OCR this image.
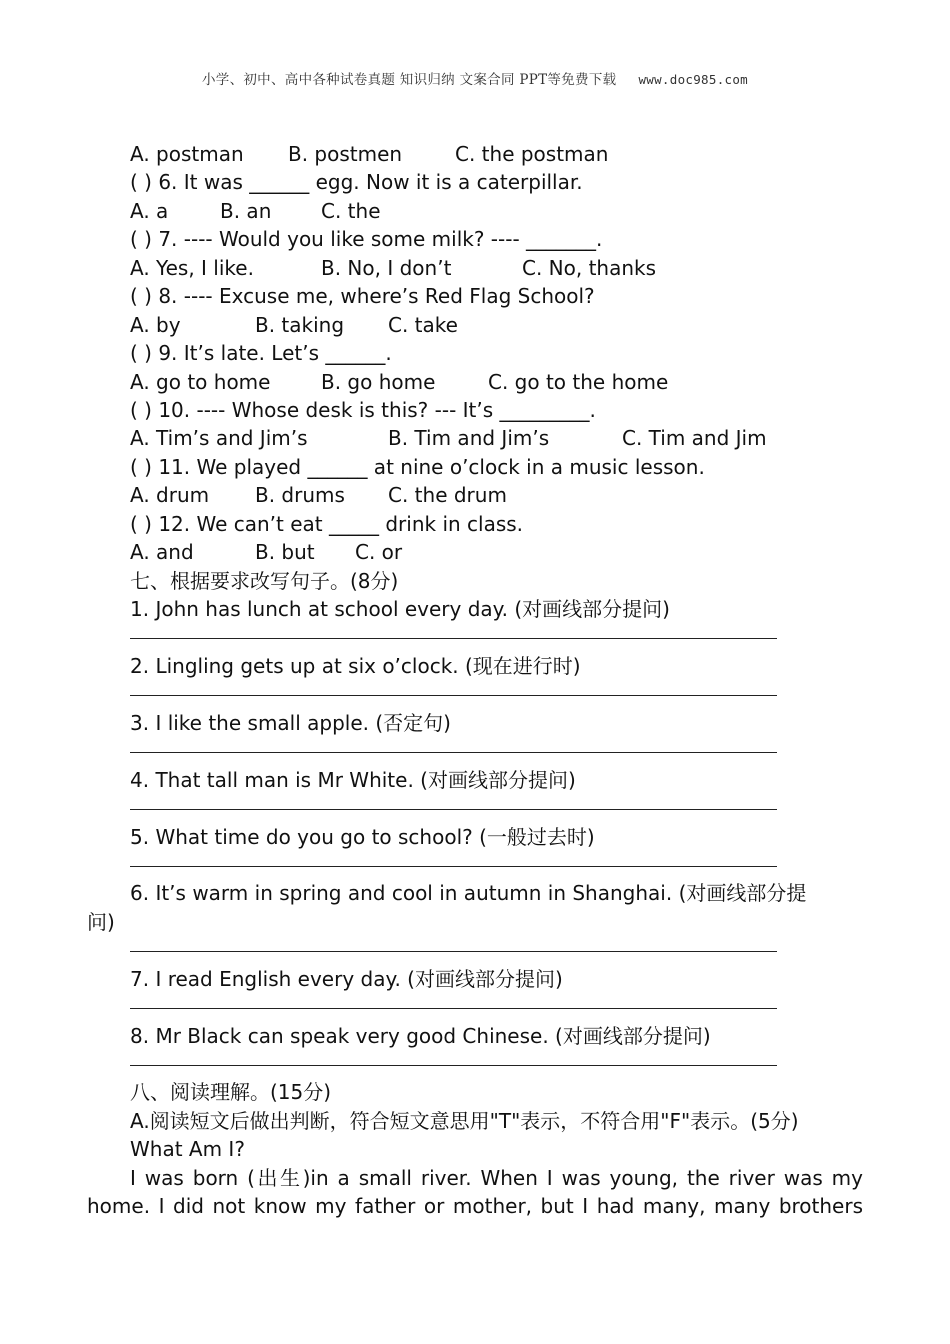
小学、初中、高中各种试卷真题 知识归纳 文案合同 PPT等免费下载 www.doc985.com
A. postman B. postmen	C. the postman
( ) 6. It was ______ egg. Now it is a caterpillar.
A. a	B. an C. the
( ) 7. ---- Would you like some milk? ---- _______.
A. Yes, I like.	B. No, I don’t	C. No, thanks
( ) 8. ---- Excuse me, where’s Red Flag School?
A. by	B. taking C. take
( ) 9. It’s late. Let’s ______.
A. go to home	B. go home	C. go to the home
( ) 10. ---- Whose desk is this? --- It’s _________.
A. Tim’s and Jim’s	B. Tim and Jim’s	C. Tim and Jim
( ) 11. We played ______ at nine o’clock in a music lesson.
A. drum B. drums C. the drum
( ) 12. We can’t eat _____ drink in class.
A. and	B. but C. or
七、根据要求改写句子。(8分)
1. John has lunch at school every day. (对画线部分提问)
2. Lingling gets up at six o’clock. (现在进行时)
3. I like the small apple. (否定句)
4. That tall man is Mr White. (对画线部分提问)
5. What time do you go to school? (一般过去时)
6. It’s warm in spring and cool in autumn in Shanghai. (对画线部分提
问)
7. I read English every day. (对画线部分提问)
8. Mr Black can speak very good Chinese. (对画线部分提问)
八、阅读理解。(15分)
A.阅读短文后做出判断，符合短文意思用"T"表示，不符合用"F"表示。(5分)
What Am I?
I was born (出生)in a small river. When I was young, the river was my
home. I did not know my father or mother, but I had many, many brothers
